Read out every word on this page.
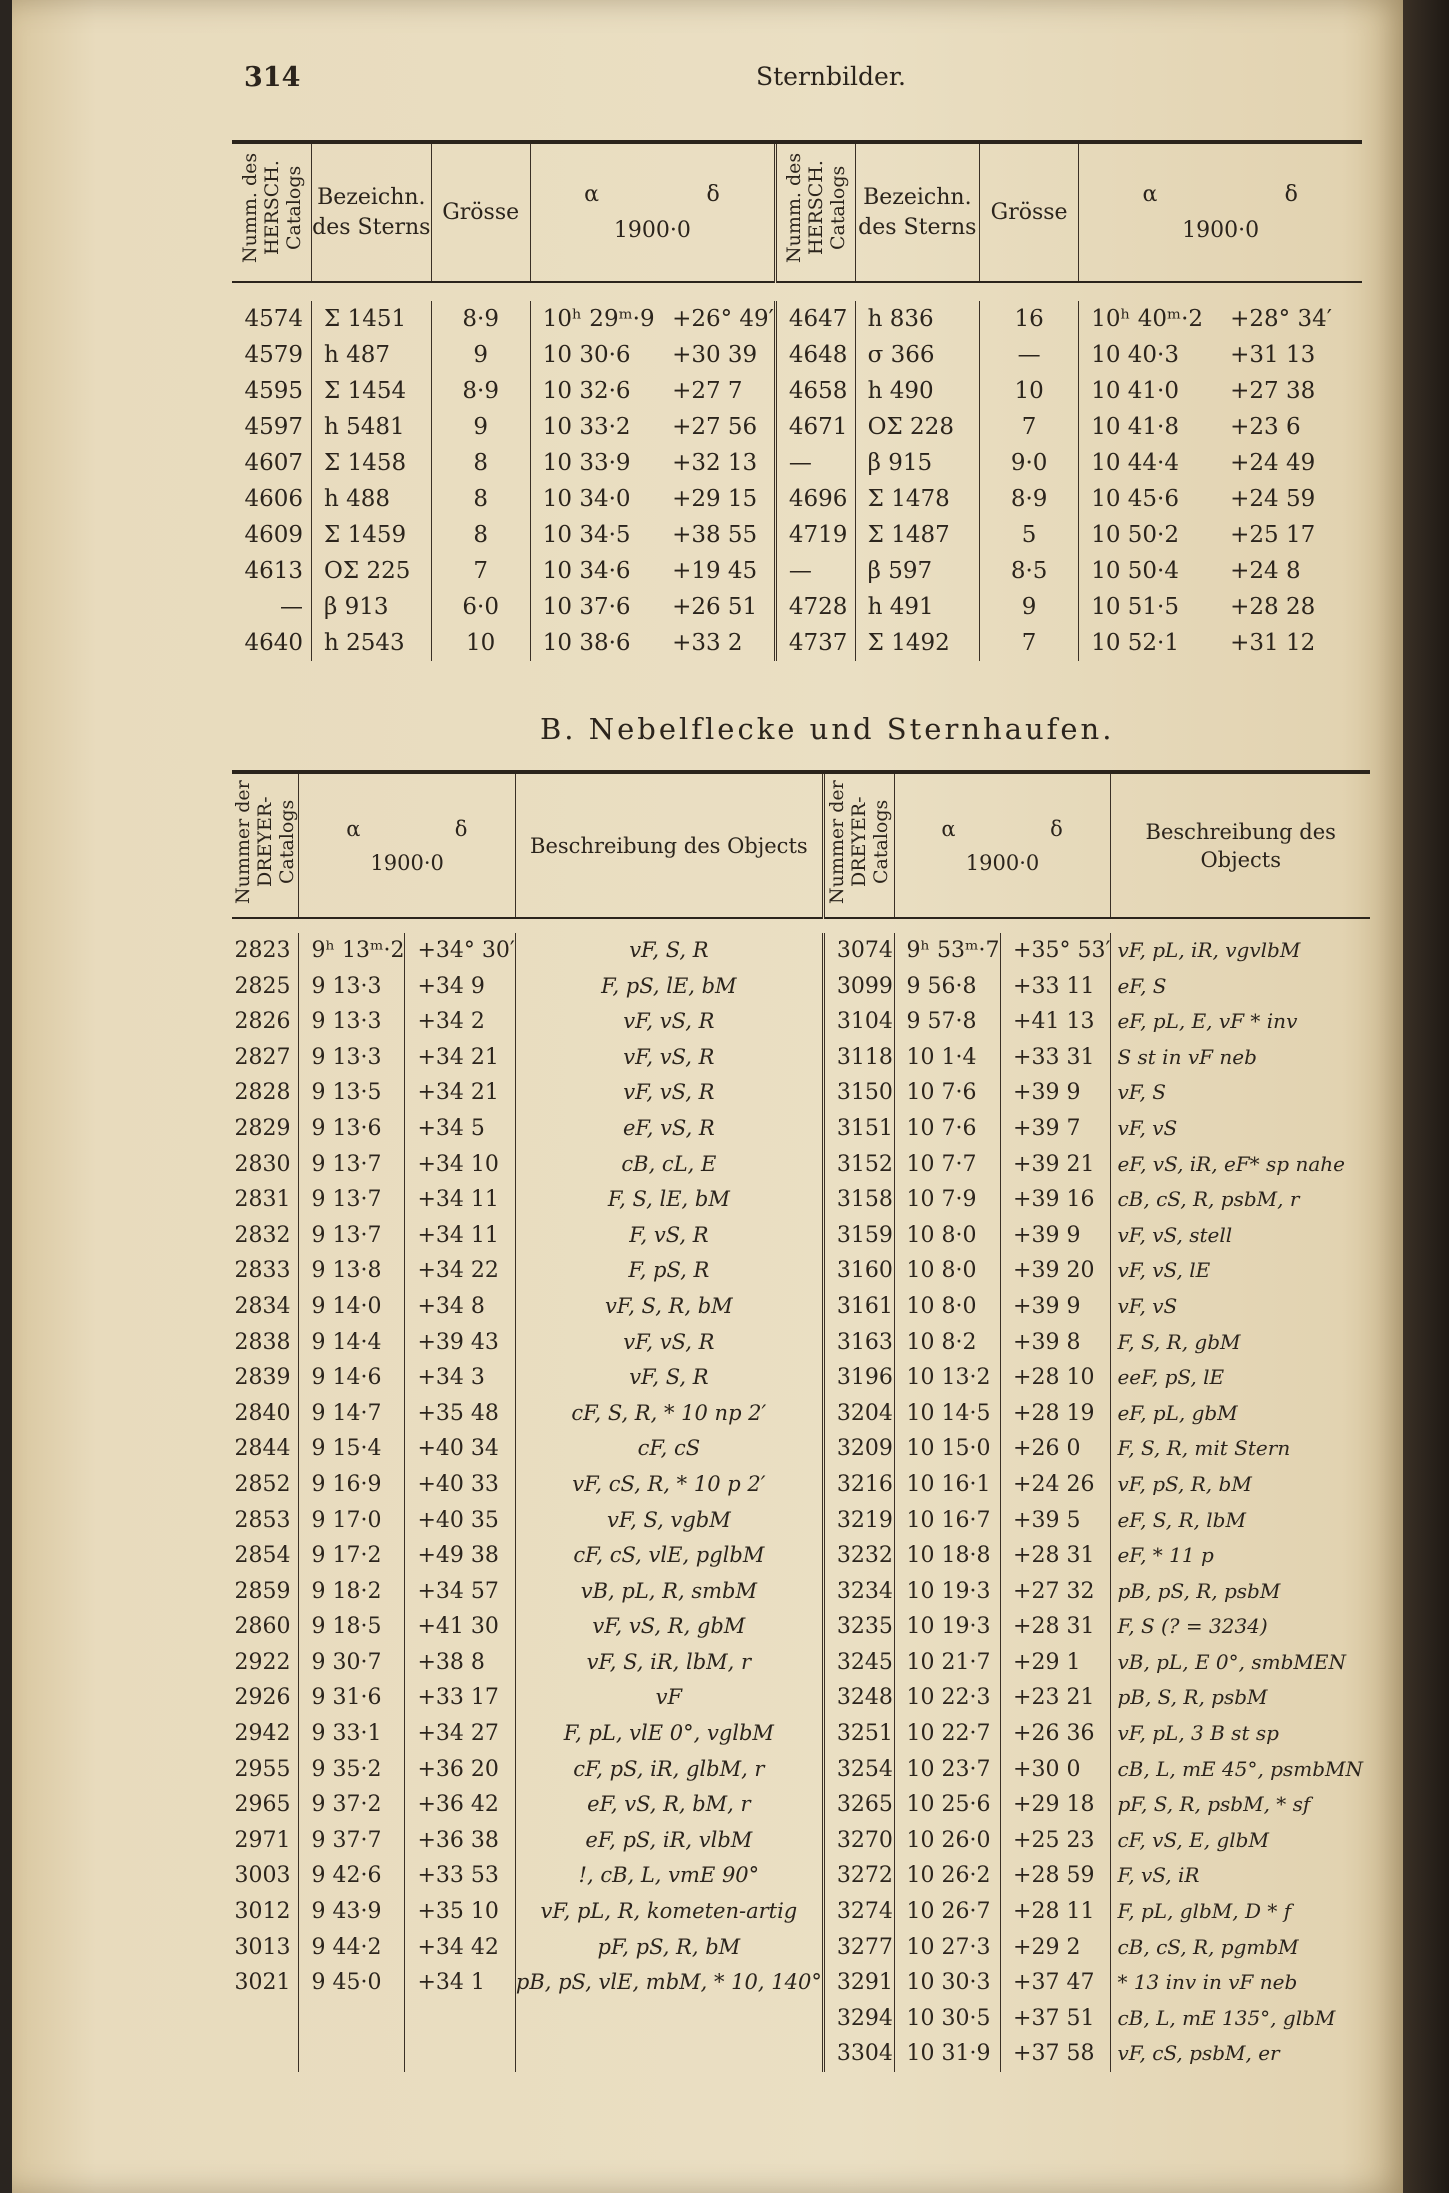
314	Sternbilder.
Numm. des HERSCH. Catalogs	Bezeichn. des Sterns	Grösse	α δ
1900·0		Numm. des HERSCH. Catalogs	Bezeichn. des Sterns	Grösse	α δ
1900·0	

4574	Σ 1451	8·9	10ʰ 29ᵐ·9	+26° 49′	4647	h 836	16	10ʰ 40ᵐ·2	+28° 34′
4579	h 487	9	10 30·6	+30 39	4648	σ 366	—	10 40·3	+31 13
4595	Σ 1454	8·9	10 32·6	+27 7	4658	h 490	10	10 41·0	+27 38
4597	h 5481	9	10 33·2	+27 56	4671	OΣ 228	7	10 41·8	+23 6
4607	Σ 1458	8	10 33·9	+32 13	—	β 915	9·0	10 44·4	+24 49
4606	h 488	8	10 34·0	+29 15	4696	Σ 1478	8·9	10 45·6	+24 59
4609	Σ 1459	8	10 34·5	+38 55	4719	Σ 1487	5	10 50·2	+25 17
4613	OΣ 225	7	10 34·6	+19 45	—	β 597	8·5	10 50·4	+24 8
—	β 913	6·0	10 37·6	+26 51	4728	h 491	9	10 51·5	+28 28
4640	h 2543	10	10 38·6	+33 2	4737	Σ 1492	7	10 52·1	+31 12
B. Nebelflecke und Sternhaufen.
Nummer der DREYER-Catalogs	α δ
1900·0		Beschreibung des Objects	Nummer der DREYER-Catalogs	α δ
1900·0		Beschreibung des Objects

2823	9ʰ 13ᵐ·2	+34° 30′	vF, S, R	3074	9ʰ 53ᵐ·7	+35° 53′	vF, pL, iR, vgvlbM
2825	9 13·3	+34 9	F, pS, lE, bM	3099	9 56·8	+33 11	eF, S
2826	9 13·3	+34 2	vF, vS, R	3104	9 57·8	+41 13	eF, pL, E, vF * inv
2827	9 13·3	+34 21	vF, vS, R	3118	10 1·4	+33 31	S st in vF neb
2828	9 13·5	+34 21	vF, vS, R	3150	10 7·6	+39 9	vF, S
2829	9 13·6	+34 5	eF, vS, R	3151	10 7·6	+39 7	vF, vS
2830	9 13·7	+34 10	cB, cL, E	3152	10 7·7	+39 21	eF, vS, iR, eF* sp nahe
2831	9 13·7	+34 11	F, S, lE, bM	3158	10 7·9	+39 16	cB, cS, R, psbM, r
2832	9 13·7	+34 11	F, vS, R	3159	10 8·0	+39 9	vF, vS, stell
2833	9 13·8	+34 22	F, pS, R	3160	10 8·0	+39 20	vF, vS, lE
2834	9 14·0	+34 8	vF, S, R, bM	3161	10 8·0	+39 9	vF, vS
2838	9 14·4	+39 43	vF, vS, R	3163	10 8·2	+39 8	F, S, R, gbM
2839	9 14·6	+34 3	vF, S, R	3196	10 13·2	+28 10	eeF, pS, lE
2840	9 14·7	+35 48	cF, S, R, * 10 np 2′	3204	10 14·5	+28 19	eF, pL, gbM
2844	9 15·4	+40 34	cF, cS	3209	10 15·0	+26 0	F, S, R, mit Stern
2852	9 16·9	+40 33	vF, cS, R, * 10 p 2′	3216	10 16·1	+24 26	vF, pS, R, bM
2853	9 17·0	+40 35	vF, S, vgbM	3219	10 16·7	+39 5	eF, S, R, lbM
2854	9 17·2	+49 38	cF, cS, vlE, pglbM	3232	10 18·8	+28 31	eF, * 11 p
2859	9 18·2	+34 57	vB, pL, R, smbM	3234	10 19·3	+27 32	pB, pS, R, psbM
2860	9 18·5	+41 30	vF, vS, R, gbM	3235	10 19·3	+28 31	F, S (? = 3234)
2922	9 30·7	+38 8	vF, S, iR, lbM, r	3245	10 21·7	+29 1	vB, pL, E 0°, smbMEN
2926	9 31·6	+33 17	vF	3248	10 22·3	+23 21	pB, S, R, psbM
2942	9 33·1	+34 27	F, pL, vlE 0°, vglbM	3251	10 22·7	+26 36	vF, pL, 3 B st sp
2955	9 35·2	+36 20	cF, pS, iR, glbM, r	3254	10 23·7	+30 0	cB, L, mE 45°, psmbMN
2965	9 37·2	+36 42	eF, vS, R, bM, r	3265	10 25·6	+29 18	pF, S, R, psbM, * sf
2971	9 37·7	+36 38	eF, pS, iR, vlbM	3270	10 26·0	+25 23	cF, vS, E, glbM
3003	9 42·6	+33 53	!, cB, L, vmE 90°	3272	10 26·2	+28 59	F, vS, iR
3012	9 43·9	+35 10	vF, pL, R, kometen-artig	3274	10 26·7	+28 11	F, pL, glbM, D * f
3013	9 44·2	+34 42	pF, pS, R, bM	3277	10 27·3	+29 2	cB, cS, R, pgmbM
3021	9 45·0	+34 1	pB, pS, vlE, mbM, * 10, 140°	3291	10 30·3	+37 47	* 13 inv in vF neb
				3294	10 30·5	+37 51	cB, L, mE 135°, glbM
				3304	10 31·9	+37 58	vF, cS, psbM, er
